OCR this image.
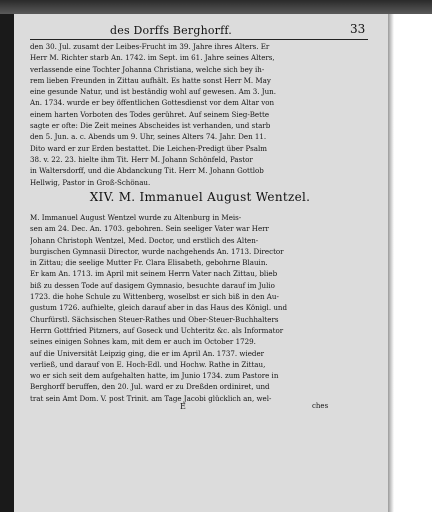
des Dorffs Berghorff.	33
den 30. Jul. zusamt der Leibes-Frucht im 39. Jahre ihres Alters. Er
Herr M. Richter starb An. 1742. im Sept. im 61. Jahre seines Alters,
verlassende eine Tochter Johanna Christiana, welche sich bey ih-
rem lieben Freunden in Zittau aufhält. Es hatte sonst Herr M. May
eine gesunde Natur, und ist beständig wohl auf gewesen. Am 3. Jun.
An. 1734. wurde er bey öffentlichen Gottesdienst vor dem Altar von
einem harten Vorboten des Todes gerühret. Auf seinem Sieg-Bette
sagte er ofte: Die Zeit meines Abscheides ist verhanden, und starb
den 5. Jun. a. c. Abends um 9. Uhr, seines Alters 74. Jahr. Den 11.
Dito ward er zur Erden bestattet. Die Leichen-Predigt über Psalm
38. v. 22. 23. hielte ihm Tit. Herr M. Johann Schönfeld, Pastor
in Waltersdorff, und die Abdanckung Tit. Herr M. Johann Gottlob
Hellwig, Pastor in Groß-Schönau.
XIV. M. Immanuel August Wentzel.
M. Immanuel August Wentzel wurde zu Altenburg in Meis-
sen am 24. Dec. An. 1703. gebohren. Sein seeliger Vater war Herr
Johann Christoph Wentzel, Med. Doctor, und erstlich des Alten-
burgischen Gymnasii Director, wurde nachgehends An. 1713. Director
in Zittau; die seelige Mutter Fr. Clara Elisabeth, gebohrne Blauin.
Er kam An. 1713. im April mit seinem Herrn Vater nach Zittau, blieb
biß zu dessen Tode auf dasigem Gymnasio, besuchte darauf im Julio
1723. die hohe Schule zu Wittenberg, woselbst er sich biß in den Au-
gustum 1726. aufhielte, gleich darauf aber in das Haus des Königl. und
Churfürstl. Sächsischen Steuer-Rathes und Ober-Steuer-Buchhalters
Herrn Gottfried Pitzners, auf Goseck und Uchteritz &c. als Informator
seines einigen Sohnes kam, mit dem er auch im October 1729.
auf die Universität Leipzig ging, die er im April An. 1737. wieder
verließ, und darauf von E. Hoch-Edl. und Hochw. Rathe in Zittau,
wo er sich seit dem aufgehalten hatte, im Junio 1734. zum Pastore in
Berghorff beruffen, den 20. Jul. ward er zu Dreßden ordiniret, und
trat sein Amt Dom. V. post Trinit. am Tage Jacobi glücklich an, wel-
E	ches
